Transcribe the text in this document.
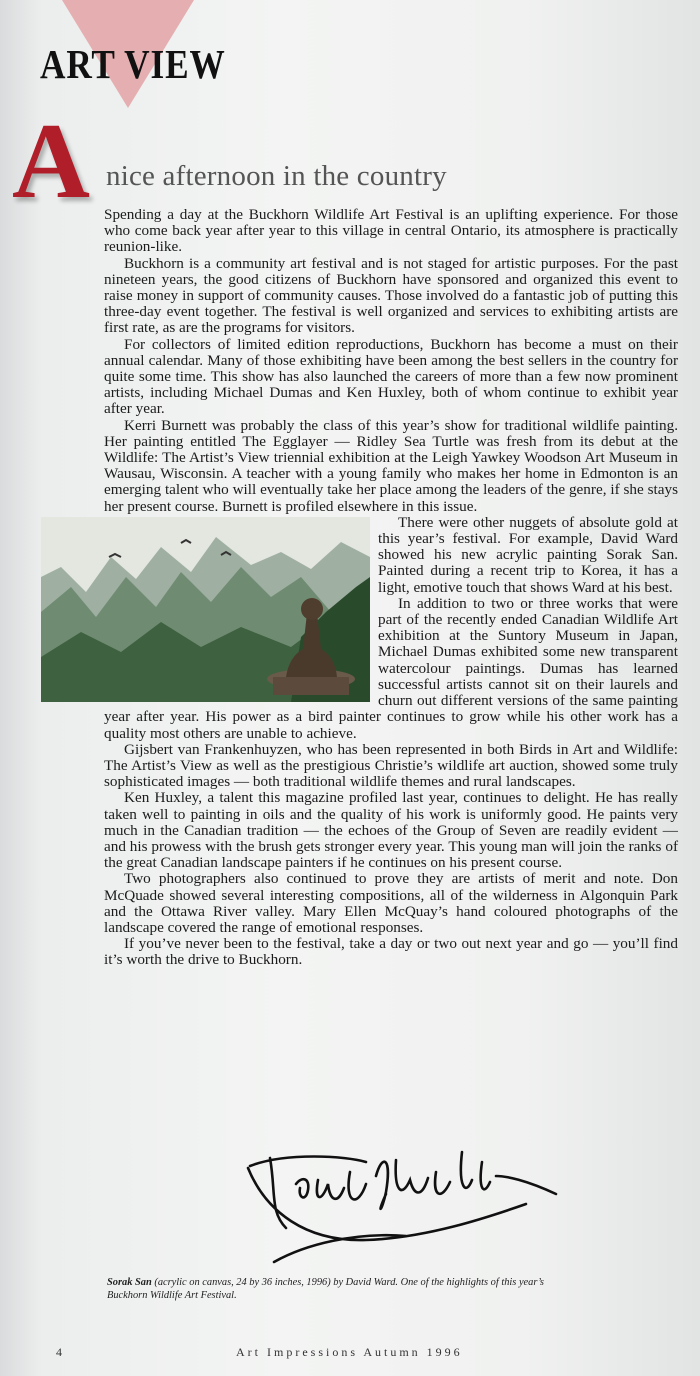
ART VIEW
A nice afternoon in the country

Spending a day at the Buckhorn Wildlife Art Festival is an uplifting experience. For those who come back year after year to this village in central Ontario, its atmosphere is practically reunion-like.

Buckhorn is a community art festival and is not staged for artistic purposes. For the past nineteen years, the good citizens of Buckhorn have sponsored and organized this event to raise money in support of community causes. Those involved do a fantastic job of putting this three-day event together. The festival is well organized and services to exhibiting artists are first rate, as are the programs for visitors.

For collectors of limited edition reproductions, Buckhorn has become a must on their annual calendar. Many of those exhibiting have been among the best sellers in the country for quite some time. This show has also launched the careers of more than a few now prominent artists, including Michael Dumas and Ken Huxley, both of whom continue to exhibit year after year.

Kerri Burnett was probably the class of this year’s show for traditional wildlife painting. Her painting entitled The Egglayer — Ridley Sea Turtle was fresh from its debut at the Wildlife: The Artist’s View triennial exhibition at the Leigh Yawkey Woodson Art Museum in Wausau, Wisconsin. A teacher with a young family who makes her home in Edmonton is an emerging talent who will eventually take her place among the leaders of the genre, if she stays her present course. Burnett is profiled elsewhere in this issue.

There were other nuggets of absolute gold at this year’s festival. For example, David Ward showed his new acrylic painting Sorak San. Painted during a recent trip to Korea, it has a light, emotive touch that shows Ward at his best.

In addition to two or three works that were part of the recently ended Canadian Wildlife Art exhibition at the Suntory Museum in Japan, Michael Dumas exhibited some new transparent watercolour paintings. Dumas has learned successful artists cannot sit on their laurels and churn out different versions of the same painting year after year. His power as a bird painter continues to grow while his other work has a quality most others are unable to achieve.

Gijsbert van Frankenhuyzen, who has been represented in both Birds in Art and Wildlife: The Artist’s View as well as the prestigious Christie’s wildlife art auction, showed some truly sophisticated images — both traditional wildlife themes and rural landscapes.

Ken Huxley, a talent this magazine profiled last year, continues to delight. He has really taken well to painting in oils and the quality of his work is uniformly good. He paints very much in the Canadian tradition — the echoes of the Group of Seven are readily evident — and his prowess with the brush gets stronger every year. This young man will join the ranks of the great Canadian landscape painters if he continues on his present course.

Two photographers also continued to prove they are artists of merit and note. Don McQuade showed several interesting compositions, all of the wilderness in Algonquin Park and the Ottawa River valley. Mary Ellen McQuay’s hand coloured photographs of the landscape covered the range of emotional responses.

If you’ve never been to the festival, take a day or two out next year and go — you’ll find it’s worth the drive to Buckhorn.

Sorak San (acrylic on canvas, 24 by 36 inches, 1996) by David Ward. One of the highlights of this year’s Buckhorn Wildlife Art Festival.
4	Art Impressions Autumn 1996
